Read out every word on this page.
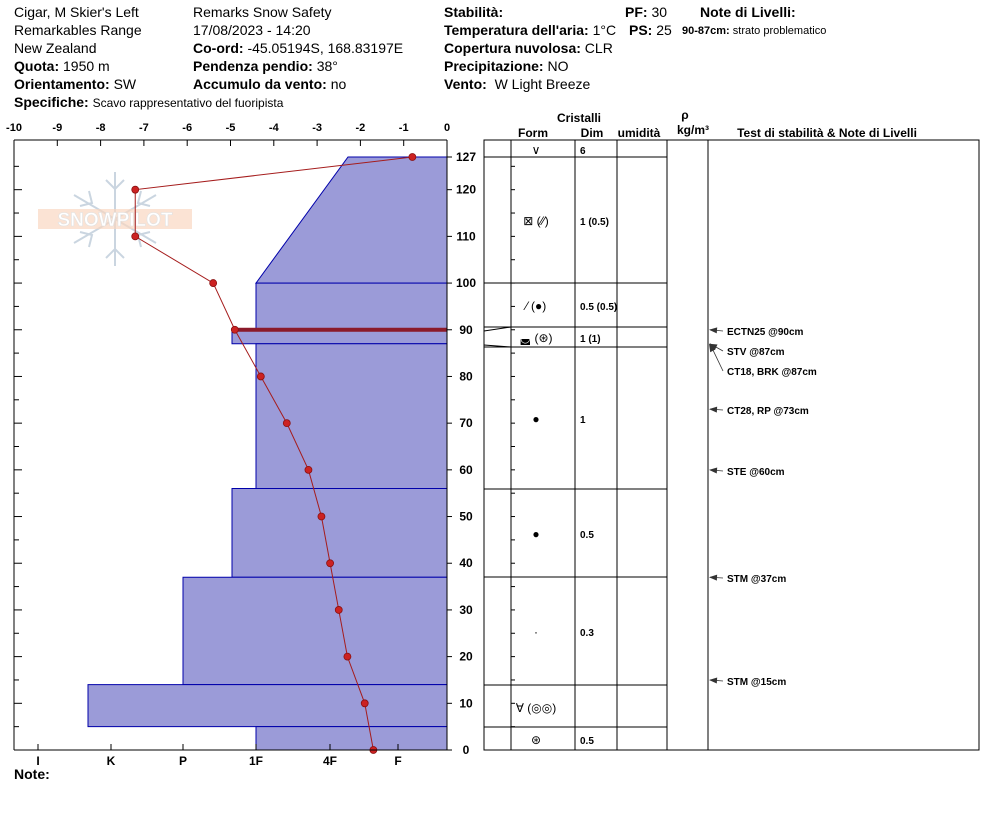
Cigar, M Skier's Left
Remarkables Range
New Zealand
Quota: 1950 m
Orientamento: SW
Specifiche: Scavo rappresentativo del fuoripista
Remarks Snow Safety
17/08/2023 - 14:20
Co-ord: -45.05194S, 168.83197E
Pendenza pendio: 38°
Accumulo da vento: no
Stabilità:
Temperatura dell'aria: 1°C
Copertura nuvolosa: CLR
Precipitazione: NO
Vento: W Light Breeze
PF: 30
PS: 25
Note di Livelli:
90-87cm: strato problematico
Note:
SNOWPILOT
-10	-9	-8	-7	-6	-5	-4	-3	-2	-1	0
I	K	P	1F	4F	F
0
10
20
30
40
50
60
70
80
90
100
110
120
127
Cristalli
Form	Dim umidità
ρ
kg/m³ Test di stabilità & Note di Livelli
∨	6
⊠ (⁄∕)	1 (0.5)
⁄ (●)	0.5 (0.5)
◛ (⊛)	1 (1)
●	1
●	0.5
·	0.3
∀ (◎◎)
⊛	0.5
ECTN25 @90cm
STV @87cm
CT18, BRK @87cm
CT28, RP @73cm
STE @60cm
STM @37cm
STM @15cm
